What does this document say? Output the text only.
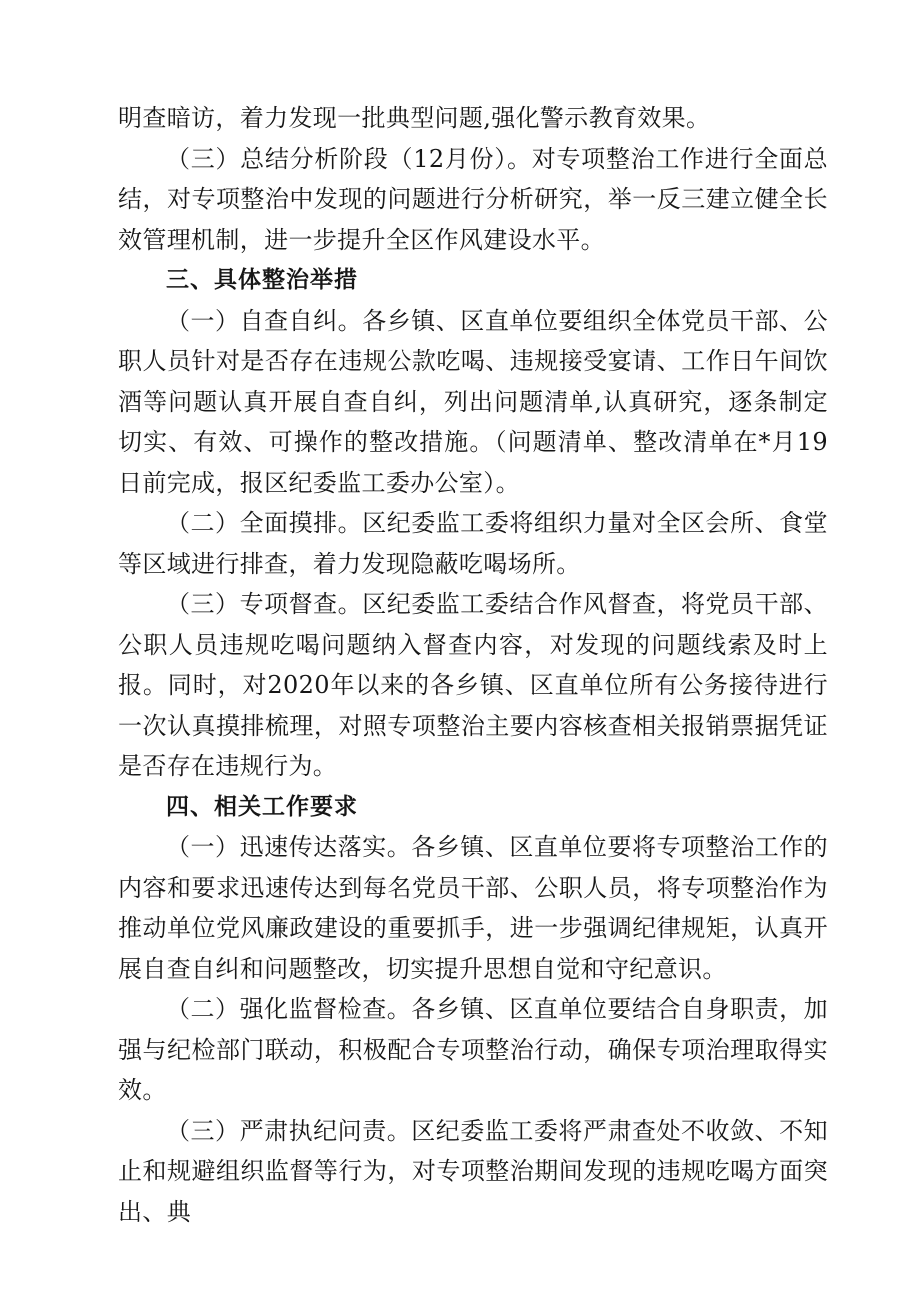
明查暗访，着力发现一批典型问题,强化警示教育效果。

（三）总结分析阶段（12月份）。对专项整治工作进行全面总结，对专项整治中发现的问题进行分析研究，举一反三建立健全长效管理机制，进一步提升全区作风建设水平。

三、具体整治举措

（一）自查自纠。各乡镇、区直单位要组织全体党员干部、公职人员针对是否存在违规公款吃喝、违规接受宴请、工作日午间饮酒等问题认真开展自查自纠，列出问题清单,认真研究，逐条制定切实、有效、可操作的整改措施。（问题清单、整改清单在*月19日前完成，报区纪委监工委办公室）。

（二）全面摸排。区纪委监工委将组织力量对全区会所、食堂等区域进行排查，着力发现隐蔽吃喝场所。

（三）专项督查。区纪委监工委结合作风督查，将党员干部、公职人员违规吃喝问题纳入督查内容，对发现的问题线索及时上报。同时，对2020年以来的各乡镇、区直单位所有公务接待进行一次认真摸排梳理，对照专项整治主要内容核查相关报销票据凭证是否存在违规行为。

四、相关工作要求

（一）迅速传达落实。各乡镇、区直单位要将专项整治工作的内容和要求迅速传达到每名党员干部、公职人员，将专项整治作为推动单位党风廉政建设的重要抓手，进一步强调纪律规矩，认真开展自查自纠和问题整改，切实提升思想自觉和守纪意识。

（二）强化监督检查。各乡镇、区直单位要结合自身职责，加强与纪检部门联动，积极配合专项整治行动，确保专项治理取得实效。

（三）严肃执纪问责。区纪委监工委将严肃查处不收敛、不知止和规避组织监督等行为，对专项整治期间发现的违规吃喝方面突出、典
